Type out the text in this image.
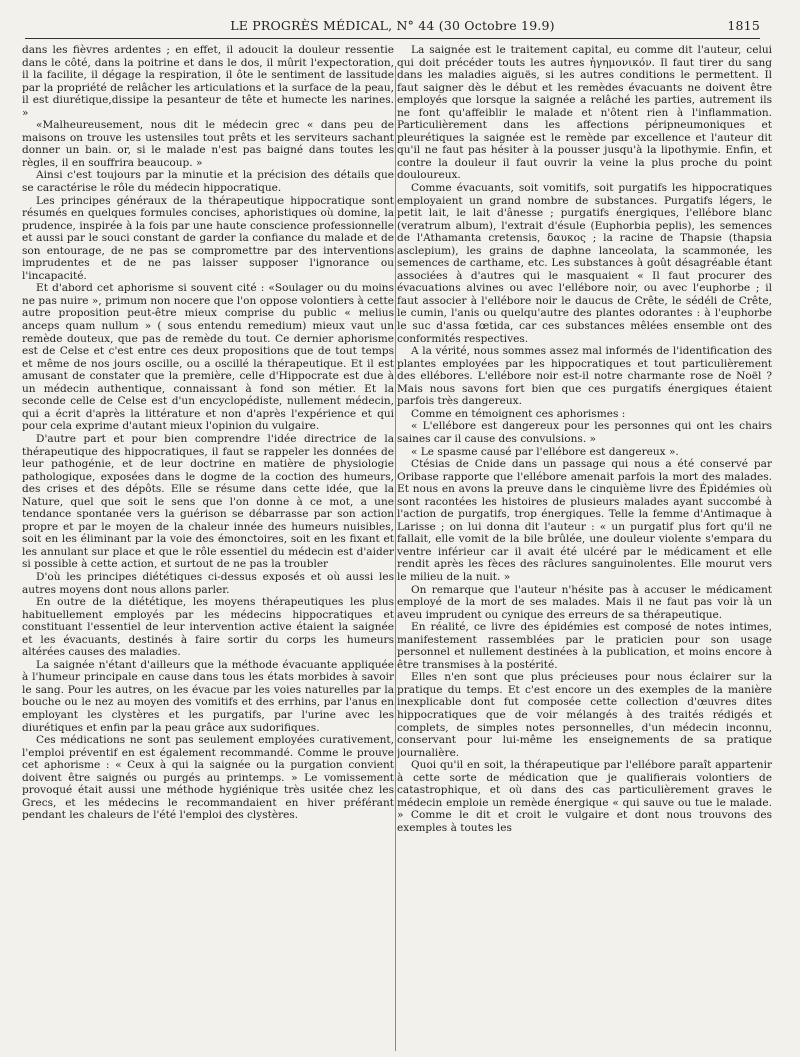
LE PROGRÈS MÉDICAL, N° 44 (30 Octobre 19.9)	1815

dans les fièvres ardentes ; en effet, il adoucit la douleur ressentie dans le côté, dans la poitrine et dans le dos, il mûrit l'expectoration, il la facilite, il dégage la respiration, il ôte le sentiment de lassitude par la propriété de relâcher les articulations et la surface de la peau, il est diurétique,dissipe la pesanteur de tête et humecte les narines. »

«Malheureusement, nous dit le médecin grec « dans peu de maisons on trouve les ustensiles tout prêts et les serviteurs sachant donner un bain. or, si le malade n'est pas baigné dans toutes les règles, il en souffrira beaucoup. »

Ainsi c'est toujours par la minutie et la précision des détails que se caractérise le rôle du médecin hippocratique.

Les principes généraux de la thérapeutique hippocratique sont résumés en quelques formules concises, aphoristiques où domine, la prudence, inspirée à la fois par une haute conscience professionnelle et aussi par le souci constant de garder la confiance du malade et de son entourage, de ne pas se compromettre par des interventions imprudentes et de ne pas laisser supposer l'ignorance ou l'incapacité.

Et d'abord cet aphorisme si souvent cité : «Soulager ou du moins ne pas nuire », primum non nocere que l'on oppose volontiers à cette autre proposition peut-être mieux comprise du public « melius anceps quam nullum » ( sous entendu remedium) mieux vaut un remède douteux, que pas de remède du tout. Ce dernier aphorisme est de Celse et c'est entre ces deux propositions que de tout temps et même de nos jours oscille, ou a oscillé la thérapeutique. Et il est amusant de constater que la première, celle d'Hippocrate est due à un médecin authentique, connaissant à fond son métier. Et la seconde celle de Celse est d'un encyclopédiste, nullement médecin, qui a écrit d'après la littérature et non d'après l'expérience et qui pour cela exprime d'autant mieux l'opinion du vulgaire.

D'autre part et pour bien comprendre l'idée directrice de la thérapeutique des hippocratiques, il faut se rappeler les données de leur pathogénie, et de leur doctrine en matière de physiologie pathologique, exposées dans le dogme de la coction des humeurs, des crises et des dépôts. Elle se résume dans cette idée, que la Nature, quel que soit le sens que l'on donne à ce mot, a une tendance spontanée vers la guérison se débarrasse par son action propre et par le moyen de la chaleur innée des humeurs nuisibles, soit en les éliminant par la voie des émonctoires, soit en les fixant et les annulant sur place et que le rôle essentiel du médecin est d'aider si possible à cette action, et surtout de ne pas la troubler

D'où les principes diététiques ci-dessus exposés et où aussi les autres moyens dont nous allons parler.

En outre de la diététique, les moyens thérapeutiques les plus habituellement employés par les médecins hippocratiques et constituant l'essentiel de leur intervention active étaient la saignée et les évacuants, destinés à faire sortir du corps les humeurs altérées causes des maladies.

La saignée n'étant d'ailleurs que la méthode évacuante appliquée à l'humeur principale en cause dans tous les états morbides à savoir le sang. Pour les autres, on les évacue par les voies naturelles par la bouche ou le nez au moyen des vomitifs et des errhins, par l'anus en employant les clystères et les purgatifs, par l'urine avec les diurétiques et enfin par la peau grâce aux sudorifiques.

Ces médications ne sont pas seulement employées curativement, l'emploi préventif en est également recommandé. Comme le prouve cet aphorisme : « Ceux à qui la saignée ou la purgation convient doivent être saignés ou purgés au printemps. » Le vomissement provoqué était aussi une méthode hygiénique très usitée chez les Grecs, et les médecins le recommandaient en hiver préférant pendant les chaleurs de l'été l'emploi des clystères.

La saignée est le traitement capital, eu comme dit l'auteur, celui qui doit précéder touts les autres ἡγημονικόν. Il faut tirer du sang dans les maladies aiguës, si les autres conditions le permettent. Il faut saigner dès le début et les remèdes évacuants ne doivent être employés que lorsque la saignée a relâché les parties, autrement ils ne font qu'affeiblir le malade et n'ôtent rien à l'inflammation. Particulièrement dans les affections péripneumoniques et pleurétiques la saignée est le remède par excellence et l'auteur dit qu'il ne faut pas hésiter à la pousser jusqu'à la lipothymie. Enfin, et contre la douleur il faut ouvrir la veine la plus proche du point douloureux.

Comme évacuants, soit vomitifs, soit purgatifs les hippocratiques employaient un grand nombre de substances. Purgatifs légers, le petit lait, le lait d'ânesse ; purgatifs énergiques, l'ellébore blanc (veratrum album), l'extrait d'ésule (Euphorbia peplis), les semences de l'Athamanta cretensis, δαυκος ; la racine de Thapsie (thapsia asclepium), les grains de daphne lanceolata, la scammonée, les semences de carthame, etc. Les substances à goût désagréable étant associées à d'autres qui le masquaient « Il faut procurer des évacuations alvines ou avec l'ellébore noir, ou avec l'euphorbe ; il faut associer à l'ellébore noir le daucus de Crête, le sédéli de Crête, le cumin, l'anis ou quelqu'autre des plantes odorantes : à l'euphorbe le suc d'assa fœtida, car ces substances mêlées ensemble ont des conformités respectives.

A la vérité, nous sommes assez mal informés de l'identification des plantes employées par les hippocratiques et tout particulièrement des ellébores. L'ellébore noir est-il notre charmante rose de Noël ? Mais nous savons fort bien que ces purgatifs énergiques étaient parfois très dangereux.

Comme en témoignent ces aphorismes :

« L'ellébore est dangereux pour les personnes qui ont les chairs saines car il cause des convulsions. »

« Le spasme causé par l'ellébore est dangereux ».

Ctésias de Cnide dans un passage qui nous a été conservé par Oribase rapporte que l'ellébore amenait parfois la mort des malades. Et nous en avons la preuve dans le cinquième livre des Épidémies où sont racontées les histoires de plusieurs malades ayant succombé à l'action de purgatifs, trop énergiques. Telle la femme d'Antimaque à Larisse ; on lui donna dit l'auteur : « un purgatif plus fort qu'il ne fallait, elle vomit de la bile brûlée, une douleur violente s'empara du ventre inférieur car il avait été ulcéré par le médicament et elle rendit après les fèces des râclures sanguinolentes. Elle mourut vers le milieu de la nuit. »

On remarque que l'auteur n'hésite pas à accuser le médicament employé de la mort de ses malades. Mais il ne faut pas voir là un aveu imprudent ou cynique des erreurs de sa thérapeutique.

En réalité, ce livre des épidémies est composé de notes intimes, manifestement rassemblées par le praticien pour son usage personnel et nullement destinées à la publication, et moins encore à être transmises à la postérité.

Elles n'en sont que plus précieuses pour nous éclairer sur la pratique du temps. Et c'est encore un des exemples de la manière inexplicable dont fut composée cette collection d'œuvres dites hippocratiques que de voir mélangés à des traités rédigés et complets, de simples notes personnelles, d'un médecin inconnu, conservant pour lui-même les enseignements de sa pratique journalière.

Quoi qu'il en soit, la thérapeutique par l'ellébore paraît appartenir à cette sorte de médication que je qualifierais volontiers de catastrophique, et où dans des cas particulièrement graves le médecin emploie un remède énergique « qui sauve ou tue le malade. » Comme le dit et croit le vulgaire et dont nous trouvons des exemples à toutes les
